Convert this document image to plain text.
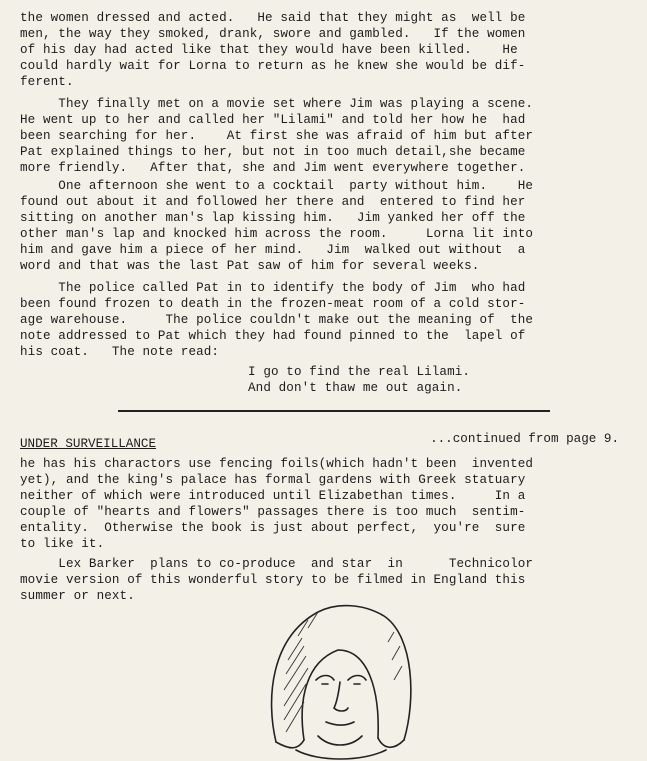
the women dressed and acted.   He said that they might as  well be

men, the way they smoked, drank, swore and gambled.   If the women

of his day had acted like that they would have been killed.    He

could hardly wait for Lorna to return as he knew she would be dif-

ferent.

They finally met on a movie set where Jim was playing a scene.

He went up to her and called her "Lilami" and told her how he  had

been searching for her.    At first she was afraid of him but after

Pat explained things to her, but not in too much detail,she became

more friendly.   After that, she and Jim went everywhere together.

One afternoon she went to a cocktail  party without him.    He

found out about it and followed her there and  entered to find her

sitting on another man's lap kissing him.   Jim yanked her off the

other man's lap and knocked him across the room.     Lorna lit into

him and gave him a piece of her mind.   Jim  walked out without  a

word and that was the last Pat saw of him for several weeks.

The police called Pat in to identify the body of Jim  who had

been found frozen to death in the frozen-meat room of a cold stor-

age warehouse.     The police couldn't make out the meaning of  the

note addressed to Pat which they had found pinned to the  lapel of

his coat.   The note read:

I go to find the real Lilami.

And don't thaw me out again.

UNDER SURVEILLANCE	...continued from page 9.

he has his charactors use fencing foils(which hadn't been  invented

yet), and the king's palace has formal gardens with Greek statuary

neither of which were introduced until Elizabethan times.     In a

couple of "hearts and flowers" passages there is too much  sentim-

entality.  Otherwise the book is just about perfect,  you're  sure

to like it.

Lex Barker  plans to co-produce  and star  in      Technicolor

movie version of this wonderful story to be filmed in England this

summer or next.
